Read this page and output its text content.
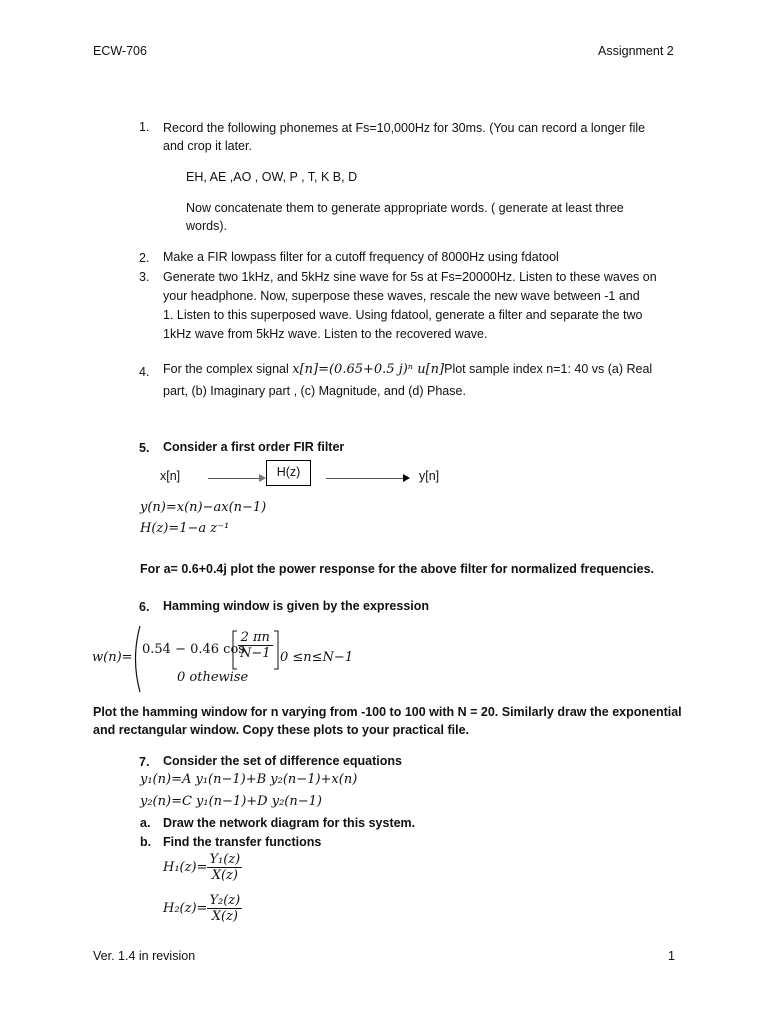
ECW-706	Assignment 2
1. Record the following phonemes at Fs=10,000Hz for 30ms. (You can record a longer file
and crop it later.
EH, AE ,AO , OW, P , T, K B, D
Now concatenate them to generate appropriate words. ( generate at least three
words).
2. Make a FIR lowpass filter for a cutoff frequency of 8000Hz using fdatool
3. Generate two 1kHz, and 5kHz sine wave for 5s at Fs=20000Hz. Listen to these waves on
your headphone. Now, superpose these waves, rescale the new wave between -1 and
1. Listen to this superposed wave. Using fdatool, generate a filter and separate the two
1kHz wave from 5kHz wave. Listen to the recovered wave.
4. For the complex signal x[n]=(0.65+0.5 j)ⁿ u[n]Plot sample index n=1: 40 vs (a) Real
part, (b) Imaginary part , (c) Magnitude, and (d) Phase.
5. Consider a first order FIR filter
x[n]	H(z)	y[n]
y(n)=x(n)−ax(n−1)
H(z)=1−a z⁻¹
For a= 0.6+0.4j plot the power response for the above filter for normalized frequencies.
6. Hamming window is given by the expression
w(n)=
0.54 − 0.46 cos
$\frac{2 \pi n}{N-1} 0 \le n\le N-1$
0 othewise
Plot the hamming window for n varying from -100 to 100 with N = 20. Similarly draw the exponential
and rectangular window. Copy these plots to your practical file.
7. Consider the set of difference equations
y₁(n)=A y₁(n−1)+B y₂(n−1)+x(n)
y₂(n)=C y₁(n−1)+D y₂(n−1)
a. Draw the network diagram for this system.
b. Find the transfer functions
$H_1(z)= \frac{\text{Y₁(z)}}{X(z)}$
$H_2(z)= \frac{\text{Y₂(z)}}{X(z)}$
Ver. 1.4 in revision	1
